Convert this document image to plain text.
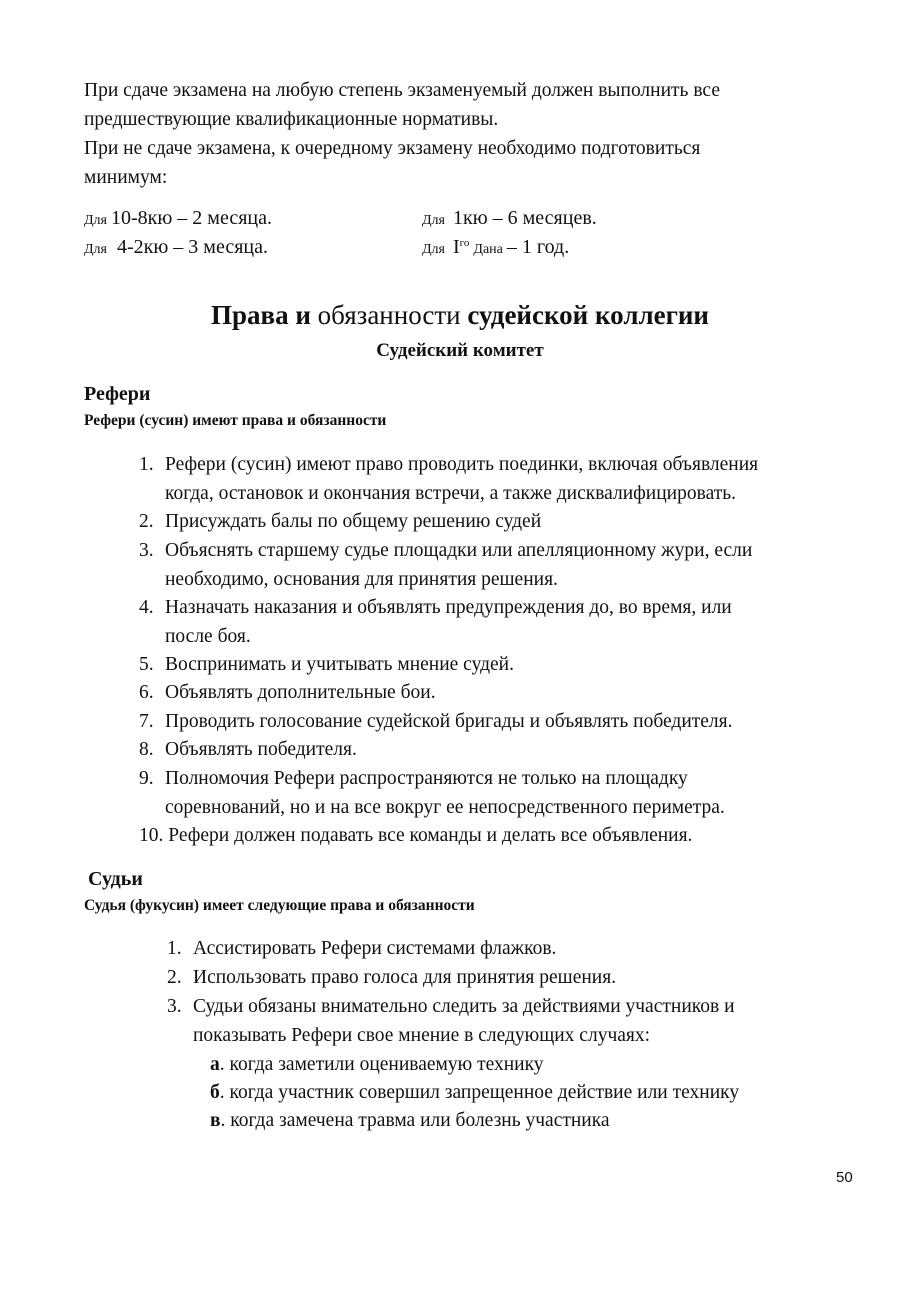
При сдаче экзамена на любую степень экзаменуемый должен выполнить все
предшествующие квалификационные нормативы.
При не сдаче экзамена, к очередному экзамену необходимо подготовиться
минимум:
Для 10-8кю – 2 месяца.
Для 4-2кю – 3 месяца.
Для 1кю – 6 месяцев.
Для $I^{го}$ Дана – 1 год.
Права и обязанности судейской коллегии
Судейский комитет
Рефери
Рефери (сусин) имеют права и обязанности
1. Рефери (сусин) имеют право проводить поединки, включая объявления
когда, остановок и окончания встречи, а также дисквалифицировать.
2. Присуждать балы по общему решению судей
3. Объяснять старшему судье площадки или апелляционному жури, если
необходимо, основания для принятия решения.
4. Назначать наказания и объявлять предупреждения до, во время, или
после боя.
5. Воспринимать и учитывать мнение судей.
6. Объявлять дополнительные бои.
7. Проводить голосование судейской бригады и объявлять победителя.
8. Объявлять победителя.
9. Полномочия Рефери распространяются не только на площадку
соревнований, но и на все вокруг ее непосредственного периметра.
10. Рефери должен подавать все команды и делать все объявления.
Судьи
Судья (фукусин) имеет следующие права и обязанности
1. Ассистировать Рефери системами флажков.
2. Использовать право голоса для принятия решения.
3. Судьи обязаны внимательно следить за действиями участников и
показывать Рефери свое мнение в следующих случаях:
а. когда заметили оцениваемую технику
б. когда участник совершил запрещенное действие или технику
в. когда замечена травма или болезнь участника
50
